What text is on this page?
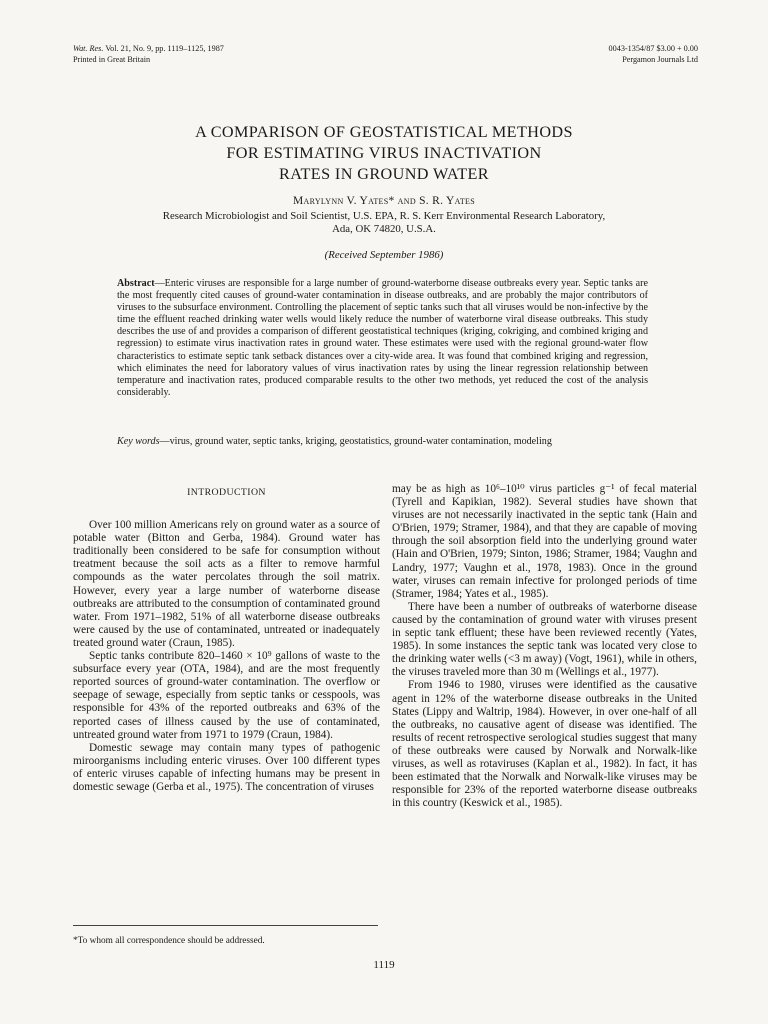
Wat. Res. Vol. 21, No. 9, pp. 1119–1125, 1987
Printed in Great Britain
0043-1354/87 $3.00 + 0.00
Pergamon Journals Ltd
A COMPARISON OF GEOSTATISTICAL METHODS
FOR ESTIMATING VIRUS INACTIVATION
RATES IN GROUND WATER
Marylynn V. Yates* and S. R. Yates
Research Microbiologist and Soil Scientist, U.S. EPA, R. S. Kerr Environmental Research Laboratory,
Ada, OK 74820, U.S.A.
(Received September 1986)
Abstract—Enteric viruses are responsible for a large number of ground-waterborne disease outbreaks every year. Septic tanks are the most frequently cited causes of ground-water contamination in disease outbreaks, and are probably the major contributors of viruses to the subsurface environment. Controlling the placement of septic tanks such that all viruses would be non-infective by the time the effluent reached drinking water wells would likely reduce the number of waterborne viral disease outbreaks. This study describes the use of and provides a comparison of different geostatistical techniques (kriging, cokriging, and combined kriging and regression) to estimate virus inactivation rates in ground water. These estimates were used with the regional ground-water flow characteristics to estimate septic tank setback distances over a city-wide area. It was found that combined kriging and regression, which eliminates the need for laboratory values of virus inactivation rates by using the linear regression relationship between temperature and inactivation rates, produced comparable results to the other two methods, yet reduced the cost of the analysis considerably.
Key words—virus, ground water, septic tanks, kriging, geostatistics, ground-water contamination, modeling
INTRODUCTION

Over 100 million Americans rely on ground water as a source of potable water (Bitton and Gerba, 1984). Ground water has traditionally been considered to be safe for consumption without treatment because the soil acts as a filter to remove harmful compounds as the water percolates through the soil matrix. However, every year a large number of waterborne disease outbreaks are attributed to the consumption of contaminated ground water. From 1971–1982, 51% of all waterborne disease outbreaks were caused by the use of contaminated, untreated or inadequately treated ground water (Craun, 1985).

Septic tanks contribute 820–1460 × 10⁹ gallons of waste to the subsurface every year (OTA, 1984), and are the most frequently reported sources of ground-water contamination. The overflow or seepage of sewage, especially from septic tanks or cesspools, was responsible for 43% of the reported outbreaks and 63% of the reported cases of illness caused by the use of contaminated, untreated ground water from 1971 to 1979 (Craun, 1984).

Domestic sewage may contain many types of pathogenic miroorganisms including enteric viruses. Over 100 different types of enteric viruses capable of infecting humans may be present in domestic sewage (Gerba et al., 1975). The concentration of viruses

may be as high as 10⁶–10¹⁰ virus particles g⁻¹ of fecal material (Tyrell and Kapikian, 1982). Several studies have shown that viruses are not necessarily inactivated in the septic tank (Hain and O'Brien, 1979; Stramer, 1984), and that they are capable of moving through the soil absorption field into the underlying ground water (Hain and O'Brien, 1979; Sinton, 1986; Stramer, 1984; Vaughn and Landry, 1977; Vaughn et al., 1978, 1983). Once in the ground water, viruses can remain infective for prolonged periods of time (Stramer, 1984; Yates et al., 1985).

There have been a number of outbreaks of waterborne disease caused by the contamination of ground water with viruses present in septic tank effluent; these have been reviewed recently (Yates, 1985). In some instances the septic tank was located very close to the drinking water wells (<3 m away) (Vogt, 1961), while in others, the viruses traveled more than 30 m (Wellings et al., 1977).

From 1946 to 1980, viruses were identified as the causative agent in 12% of the waterborne disease outbreaks in the United States (Lippy and Waltrip, 1984). However, in over one-half of all the outbreaks, no causative agent of disease was identified. The results of recent retrospective serological studies suggest that many of these outbreaks were caused by Norwalk and Norwalk-like viruses, as well as rotaviruses (Kaplan et al., 1982). In fact, it has been estimated that the Norwalk and Norwalk-like viruses may be responsible for 23% of the reported waterborne disease outbreaks in this country (Keswick et al., 1985).

*To whom all correspondence should be addressed.
1119
